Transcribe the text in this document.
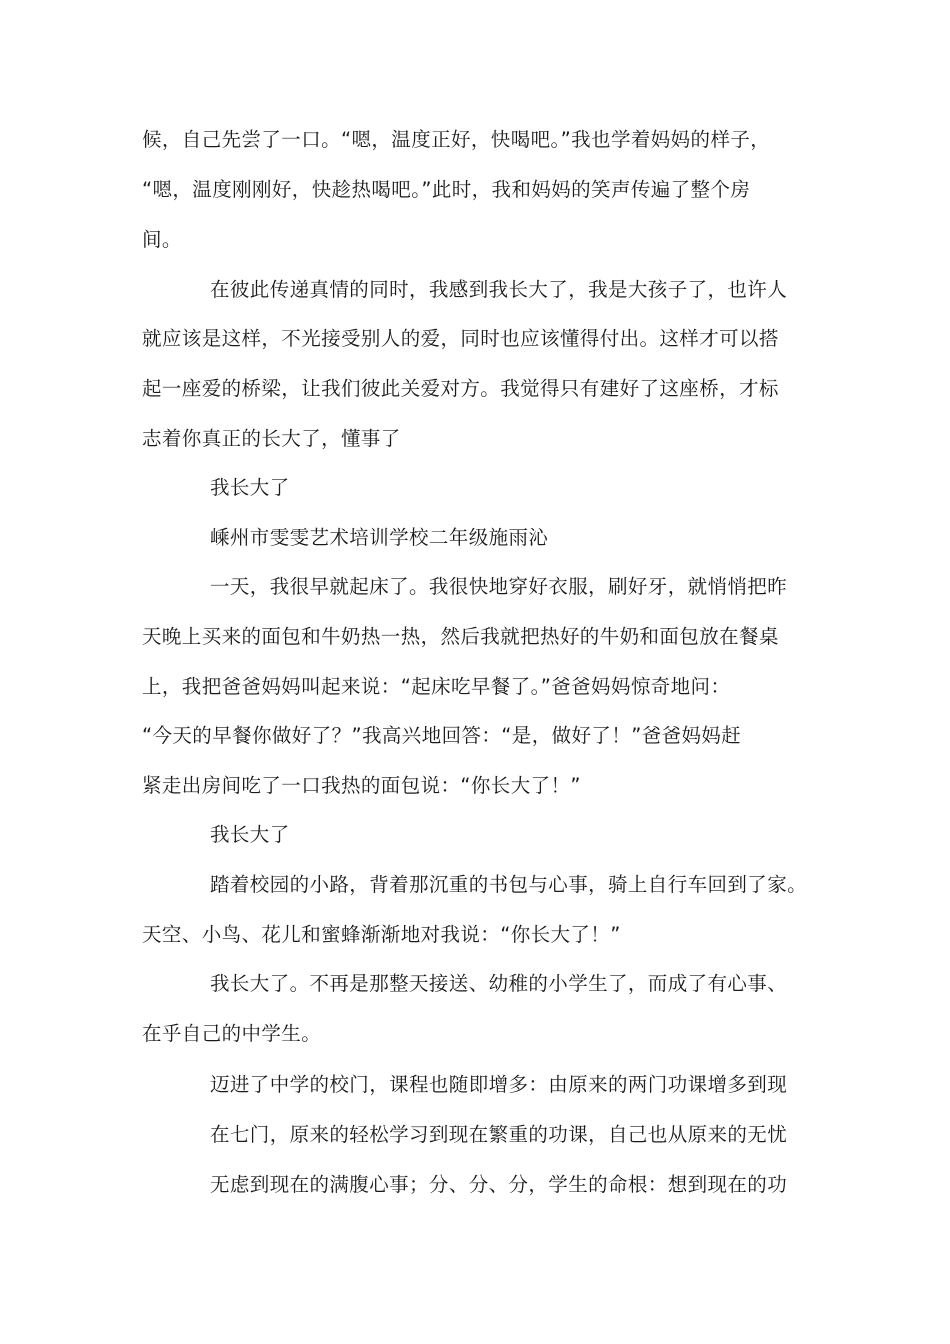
候，自己先尝了一口。“嗯，温度正好，快喝吧。”我也学着妈妈的样子，
“嗯，温度刚刚好，快趁热喝吧。”此时，我和妈妈的笑声传遍了整个房
间。
在彼此传递真情的同时，我感到我长大了，我是大孩子了，也许人
就应该是这样，不光接受别人的爱，同时也应该懂得付出。这样才可以搭
起一座爱的桥梁，让我们彼此关爱对方。我觉得只有建好了这座桥，才标
志着你真正的长大了，懂事了
我长大了
嵊州市雯雯艺术培训学校二年级施雨沁
一天，我很早就起床了。我很快地穿好衣服，刷好牙，就悄悄把昨
天晚上买来的面包和牛奶热一热，然后我就把热好的牛奶和面包放在餐桌
上，我把爸爸妈妈叫起来说：“起床吃早餐了。”爸爸妈妈惊奇地问：
“今天的早餐你做好了？”我高兴地回答：“是，做好了！”爸爸妈妈赶
紧走出房间吃了一口我热的面包说：“你长大了！”
我长大了
踏着校园的小路，背着那沉重的书包与心事，骑上自行车回到了家。
天空、小鸟、花儿和蜜蜂渐渐地对我说：“你长大了！”
我长大了。不再是那整天接送、幼稚的小学生了，而成了有心事、
在乎自己的中学生。
迈进了中学的校门，课程也随即增多：由原来的两门功课增多到现
在七门，原来的轻松学习到现在繁重的功课，自己也从原来的无忧
无虑到现在的满腹心事；分、分、分，学生的命根：想到现在的功
